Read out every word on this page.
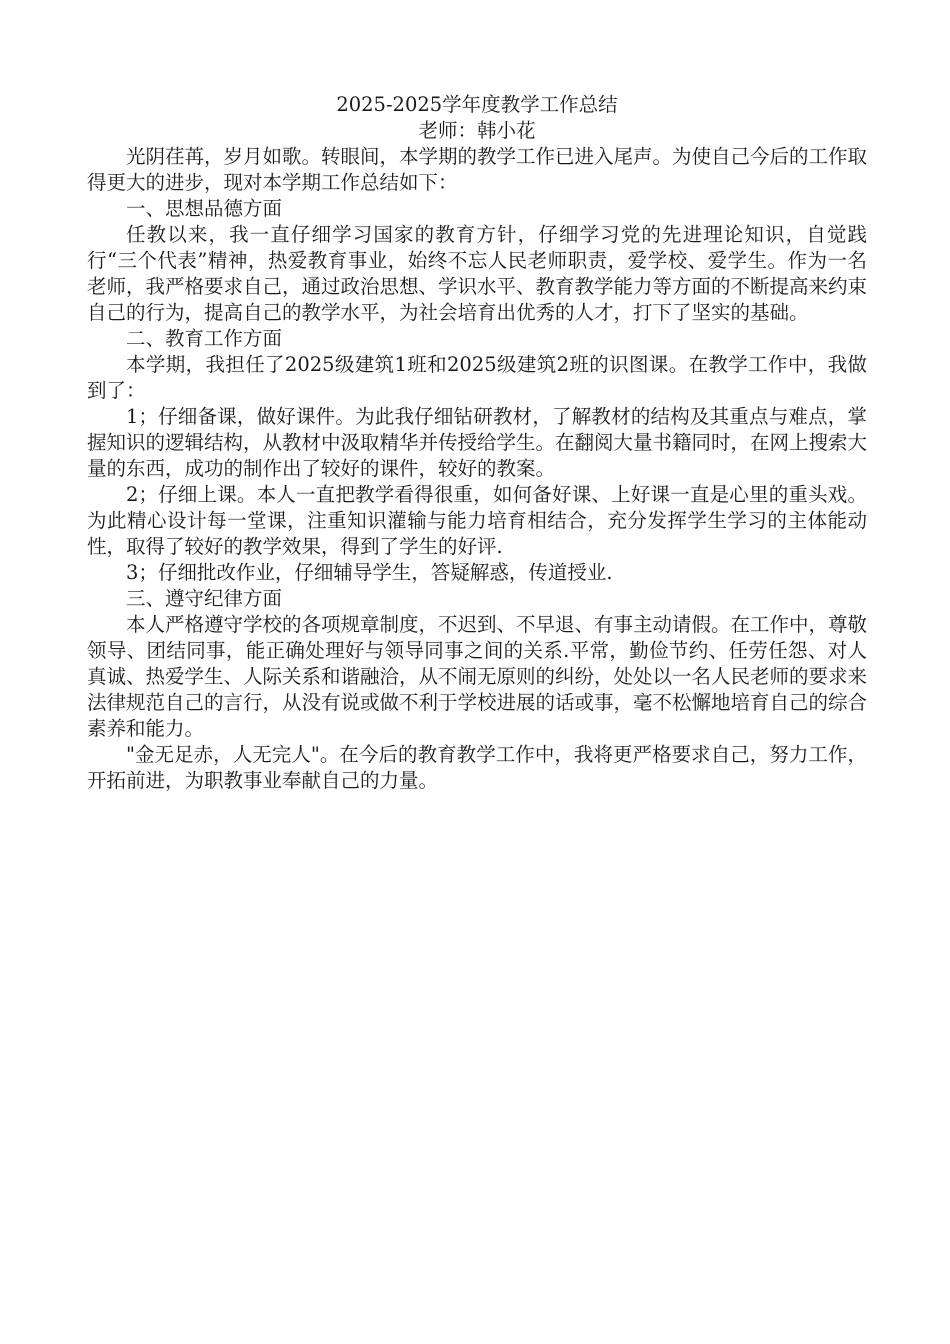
2025-2025学年度教学工作总结

老师：韩小花

光阴荏苒，岁月如歌。转眼间，本学期的教学工作已进入尾声。为使自己今后的工作取得更大的进步，现对本学期工作总结如下：

一、思想品德方面

任教以来，我一直仔细学习国家的教育方针，仔细学习党的先进理论知识，自觉践行“三个代表”精神，热爱教育事业，始终不忘人民老师职责，爱学校、爱学生。作为一名老师，我严格要求自己，通过政治思想、学识水平、教育教学能力等方面的不断提高来约束自己的行为，提高自己的教学水平，为社会培育出优秀的人才，打下了坚实的基础。

二、教育工作方面

本学期，我担任了2025级建筑1班和2025级建筑2班的识图课。在教学工作中，我做到了：

1；仔细备课，做好课件。为此我仔细钻研教材，了解教材的结构及其重点与难点，掌握知识的逻辑结构，从教材中汲取精华并传授给学生。在翻阅大量书籍同时，在网上搜索大量的东西，成功的制作出了较好的课件，较好的教案。

2；仔细上课。本人一直把教学看得很重，如何备好课、上好课一直是心里的重头戏。为此精心设计每一堂课，注重知识灌输与能力培育相结合，充分发挥学生学习的主体能动性，取得了较好的教学效果，得到了学生的好评.

3；仔细批改作业，仔细辅导学生，答疑解惑，传道授业.

三、遵守纪律方面

本人严格遵守学校的各项规章制度，不迟到、不早退、有事主动请假。在工作中，尊敬领导、团结同事，能正确处理好与领导同事之间的关系.平常，勤俭节约、任劳任怨、对人真诚、热爱学生、人际关系和谐融洽，从不闹无原则的纠纷，处处以一名人民老师的要求来法律规范自己的言行，从没有说或做不利于学校进展的话或事，毫不松懈地培育自己的综合素养和能力。

"金无足赤，人无完人"。在今后的教育教学工作中，我将更严格要求自己，努力工作，开拓前进，为职教事业奉献自己的力量。
